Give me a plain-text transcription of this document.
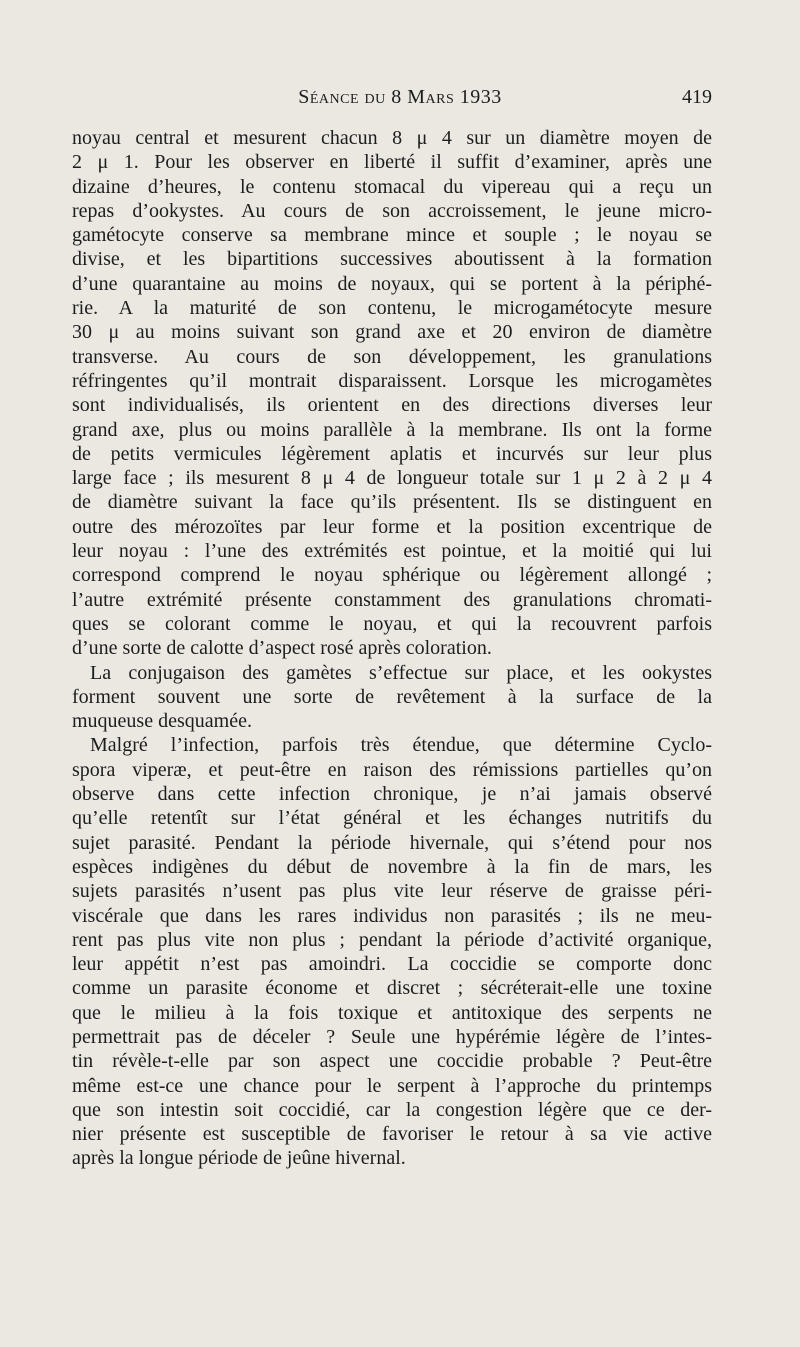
Séance du 8 Mars 1933	419
noyau central et mesurent chacun 8 μ 4 sur un diamètre moyen de
2 μ 1. Pour les observer en liberté il suffit d’examiner, après une
dizaine d’heures, le contenu stomacal du vipereau qui a reçu un
repas d’ookystes. Au cours de son accroissement, le jeune micro-
gamétocyte conserve sa membrane mince et souple ; le noyau se
divise, et les bipartitions successives aboutissent à la formation
d’une quarantaine au moins de noyaux, qui se portent à la périphé-
rie. A la maturité de son contenu, le microgamétocyte mesure
30 μ au moins suivant son grand axe et 20 environ de diamètre
transverse. Au cours de son développement, les granulations
réfringentes qu’il montrait disparaissent. Lorsque les microgamètes
sont individualisés, ils orientent en des directions diverses leur
grand axe, plus ou moins parallèle à la membrane. Ils ont la forme
de petits vermicules légèrement aplatis et incurvés sur leur plus
large face ; ils mesurent 8 μ 4 de longueur totale sur 1 μ 2 à 2 μ 4
de diamètre suivant la face qu’ils présentent. Ils se distinguent en
outre des mérozoïtes par leur forme et la position excentrique de
leur noyau : l’une des extrémités est pointue, et la moitié qui lui
correspond comprend le noyau sphérique ou légèrement allongé ;
l’autre extrémité présente constamment des granulations chromati-
ques se colorant comme le noyau, et qui la recouvrent parfois
d’une sorte de calotte d’aspect rosé après coloration.
La conjugaison des gamètes s’effectue sur place, et les ookystes
forment souvent une sorte de revêtement à la surface de la
muqueuse desquamée.
Malgré l’infection, parfois très étendue, que détermine Cyclo-
spora viperæ, et peut-être en raison des rémissions partielles qu’on
observe dans cette infection chronique, je n’ai jamais observé
qu’elle retentît sur l’état général et les échanges nutritifs du
sujet parasité. Pendant la période hivernale, qui s’étend pour nos
espèces indigènes du début de novembre à la fin de mars, les
sujets parasités n’usent pas plus vite leur réserve de graisse péri-
viscérale que dans les rares individus non parasités ; ils ne meu-
rent pas plus vite non plus ; pendant la période d’activité organique,
leur appétit n’est pas amoindri. La coccidie se comporte donc
comme un parasite économe et discret ; sécréterait-elle une toxine
que le milieu à la fois toxique et antitoxique des serpents ne
permettrait pas de déceler ? Seule une hypérémie légère de l’intes-
tin révèle-t-elle par son aspect une coccidie probable ? Peut-être
même est-ce une chance pour le serpent à l’approche du printemps
que son intestin soit coccidié, car la congestion légère que ce der-
nier présente est susceptible de favoriser le retour à sa vie active
après la longue période de jeûne hivernal.
